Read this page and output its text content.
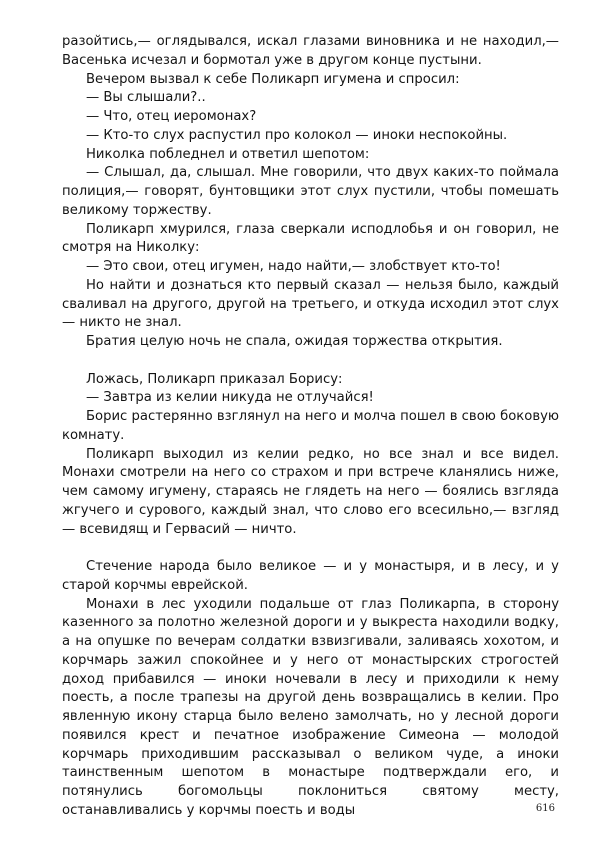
разойтись,— оглядывался, искал глазами виновника и не находил,— Васенька исчезал и бормотал уже в другом конце пустыни.

Вечером вызвал к себе Поликарп игумена и спросил:

— Вы слышали?..

— Что, отец иеромонах?

— Кто-то слух распустил про колокол — иноки неспокойны.

Николка побледнел и ответил шепотом:

— Слышал, да, слышал. Мне говорили, что двух каких-то поймала полиция,— говорят, бунтовщики этот слух пустили, чтобы помешать великому торжеству.

Поликарп хмурился, глаза сверкали исподлобья и он говорил, не смотря на Николку:

— Это свои, отец игумен, надо найти,— злобствует кто-то!

Но найти и дознаться кто первый сказал — нельзя было, каждый сваливал на другого, другой на третьего, и откуда исходил этот слух — никто не знал.

Братия целую ночь не спала, ожидая торжества открытия.

Ложась, Поликарп приказал Борису:

— Завтра из келии никуда не отлучайся!

Борис растерянно взглянул на него и молча пошел в свою боковую комнату.

Поликарп выходил из келии редко, но все знал и все видел. Монахи смотрели на него со страхом и при встрече кланялись ниже, чем самому игумену, стараясь не глядеть на него — боялись взгляда жгучего и сурового, каждый знал, что слово его всесильно,— взгляд — всевидящ и Гервасий — ничто.

Стечение народа было великое — и у монастыря, и в лесу, и у старой корчмы еврейской.

Монахи в лес уходили подальше от глаз Поликарпа, в сторону казенного за полотно железной дороги и у выкреста находили водку, а на опушке по вечерам солдатки взвизгивали, заливаясь хохотом, и корчмарь зажил спокойнее и у него от монастырских строгостей доход прибавился — иноки ночевали в лесу и приходили к нему поесть, а после трапезы на другой день возвращались в келии. Про явленную икону старца было велено замолчать, но у лесной дороги появился крест и печатное изображение Симеона — молодой корчмарь приходившим рассказывал о великом чуде, а иноки таинственным шепотом в монастыре подтверждали его, и потянулись богомольцы поклониться святому месту, останавливались у корчмы поесть и воды	616
